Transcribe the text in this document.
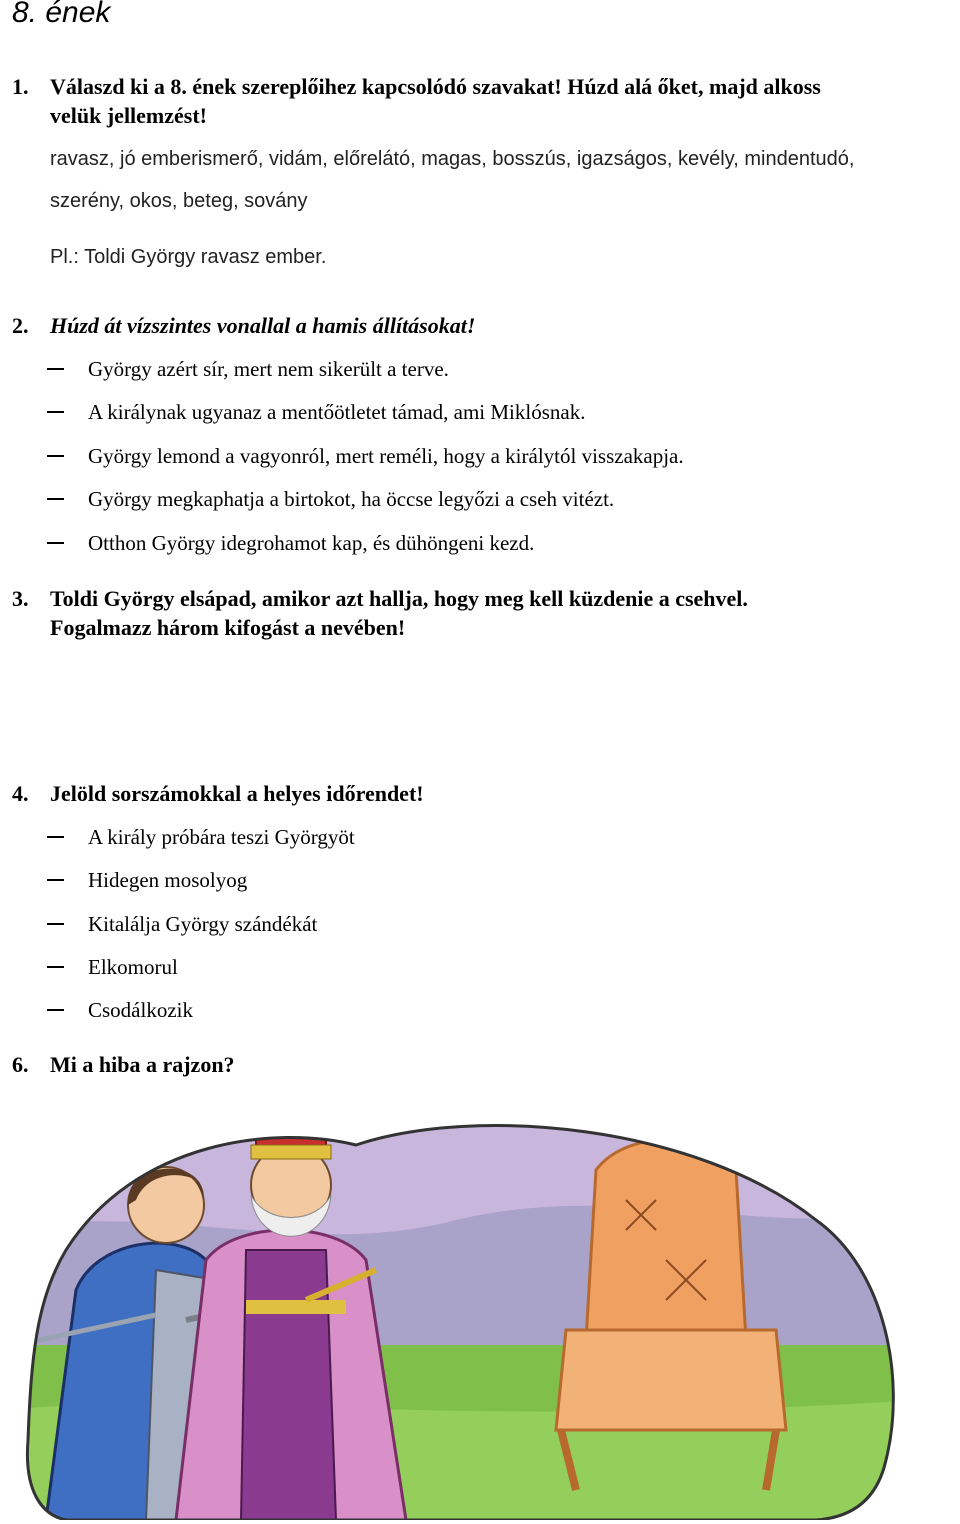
8. ének
1. Válaszd ki a 8. ének szereplőihez kapcsolódó szavakat! Húzd alá őket, majd alkoss
velük jellemzést!
ravasz, jó emberismerő, vidám, előrelátó, magas, bosszús, igazságos, kevély, mindentudó,
szerény, okos, beteg, sovány
Pl.: Toldi György ravasz ember.
2. Húzd át vízszintes vonallal a hamis állításokat!
György azért sír, mert nem sikerült a terve.
A királynak ugyanaz a mentőötletet támad, ami Miklósnak.
György lemond a vagyonról, mert reméli, hogy a királytól visszakapja.
György megkaphatja a birtokot, ha öccse legyőzi a cseh vitézt.
Otthon György idegrohamot kap, és dühöngeni kezd.
3. Toldi György elsápad, amikor azt hallja, hogy meg kell küzdenie a csehvel.
Fogalmazz három kifogást a nevében!
4. Jelöld sorszámokkal a helyes időrendet!
A király próbára teszi Györgyöt
Hidegen mosolyog
Kitalálja György szándékát
Elkomorul
Csodálkozik
6. Mi a hiba a rajzon?
